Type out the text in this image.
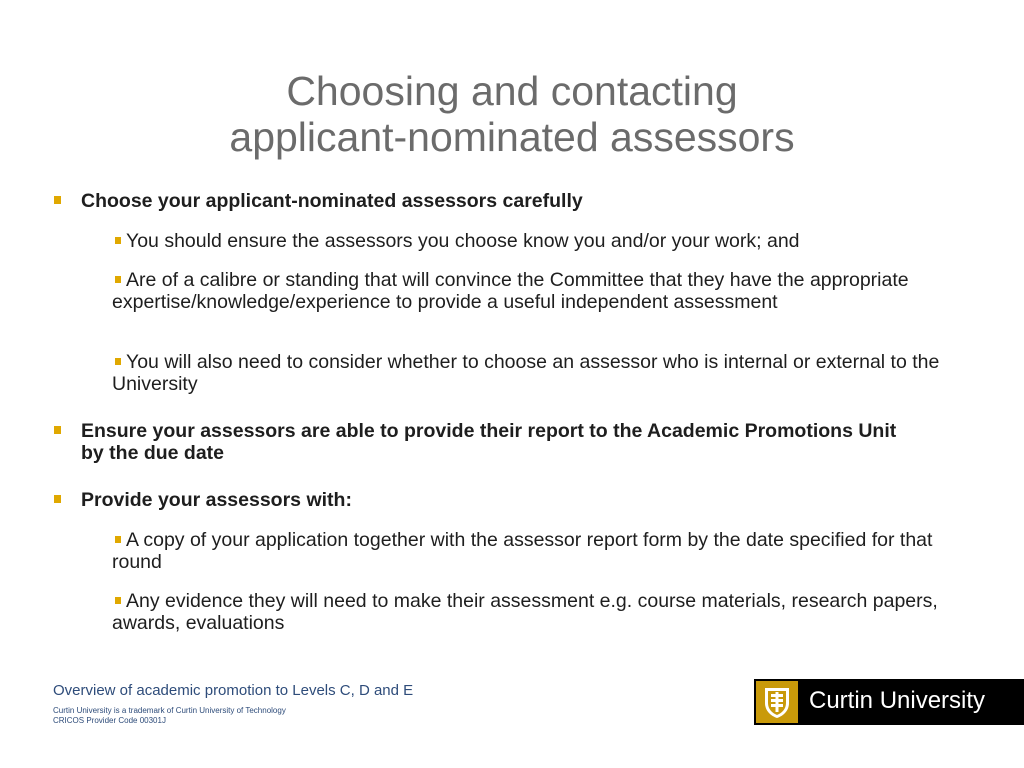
Choosing and contacting
applicant-nominated assessors
Choose your applicant-nominated assessors carefully
You should ensure the assessors you choose know you and/or your work; and
Are of a calibre or standing that will convince the Committee that they have the appropriate expertise/knowledge/experience to provide a useful independent assessment
You will also need to consider whether to choose an assessor who is internal or external to the University
Ensure your assessors are able to provide their report to the Academic Promotions Unit by the due date
Provide your assessors with:
A copy of your application together with the assessor report form by the date specified for that round
Any evidence they will need to make their assessment e.g. course materials, research papers, awards, evaluations
Overview of academic promotion to Levels C, D and E
Curtin University is a trademark of Curtin University of Technology
CRICOS Provider Code 00301J
Curtin University
